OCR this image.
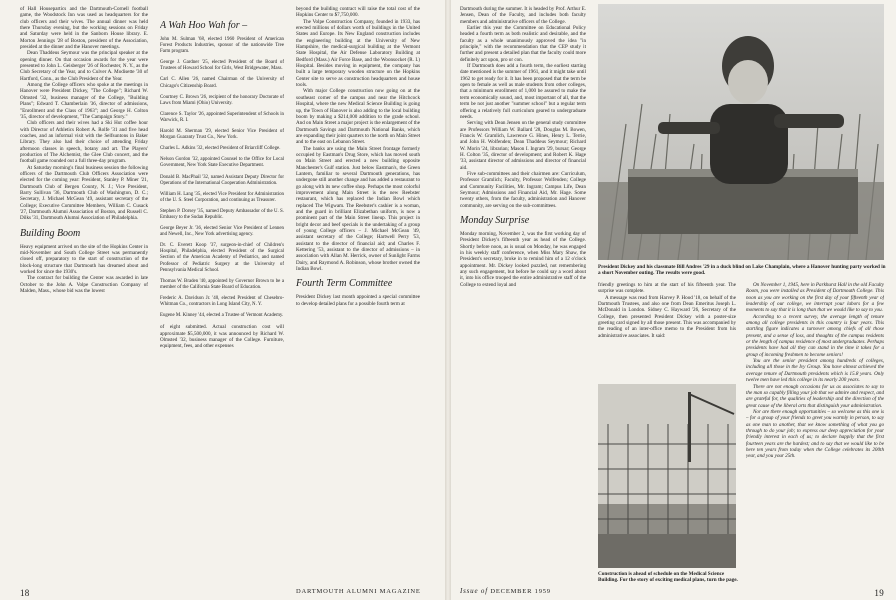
of Hall Housepartics and the Dartmouth-Cornell football game, the Woodstock Inn was used as headquarters for the club officers and their wives. The annual dinner was held there Thursday evening, but the working sessions on Friday and Saturday were held in the Sanborn House library. E. Morton Jennings '28 of Boston, president of the Association, presided at the dinner and the Hanover meetings.

Dean Thaddeus Seymour was the principal speaker at the opening dinner. On that occasion awards for the year were presented to John L. Geisberger '26 of Rochester, N. Y., as the Club Secretary of the Year, and to Culver A. Modisette '30 of Hartford, Conn., as the Club President of the Year.

Among the College officers who spoke at the meetings in Hanover were President Dickey, "The College"; Richard W. Olmsted '32, business manager of the College, "Building Plans"; Edward T. Chamberlain '36, director of admissions, "Enrollment and the Class of 1963"; and George H. Colton '35, director of development, "The Campaign Story."

Club officers and their wives had a Ski Hut coffee hour with Director of Athletics Robert A. Rolfe '31 and five head coaches, and an informal visit with the Selfsuntons in Baker Library. They also had their choice of attending Friday afternoon classes in speech, botany and art. The Players' production of The Alchemist, the Glee Club concert, and the football game rounded out a full three-day program.

At Saturday morning's final business session the following officers of the Dartmouth Club Officers Association were elected for the coming year: President, Stanley P. Miner '21, Dartmouth Club of Bergen County, N. J.; Vice President, Barry Sullivan '36, Dartmouth Club of Washington, D. C.; Secretary, J. Michael McGean '49, assistant secretary of the College; Executive Committee Members, William C. Cusack '27, Dartmouth Alumni Association of Boston, and Russell C. Dilks '31, Dartmouth Alumni Association of Philadelphia.

Building Boom

Heavy equipment arrived on the site of the Hopkins Center in mid-November and South College Street was permanently closed off, preparatory to the start of construction of the block-long structure that Dartmouth has dreamed about and worked for since the 1930's.

The contract for building the Center was awarded in late October to the John A. Volpe Construction Company of Malden, Mass., whose bid was the lowest

A Wah Hoo Wah for –

John M. Sulman '68, elected 1960 President of American Forest Products Industries, sponsor of the nationwide Tree Farm program.

George J. Gardner '25, elected President of the Board of Trustees of Howard School for Girls, West Bridgewater, Mass.

Carl C. Allen '26, named Chairman of the University of Chicago's Citizenship Board.

Courtney C. Brown '26, recipient of the honorary Doctorate of Laws from Miami (Ohio) University.

Clarence S. Taylor '26, appointed Superintendent of Schools in Warwick, R. I.

Harold M. Sherman '29, elected Senior Vice President of Morgan Guaranty Trust Co., New York.

Charles L. Adkins '32, elected President of Briarcliff College.

Nelson Gordon '32, appointed Counsel to the Office for Local Government, New York State Executive Department.

Donald B. MacPhail '32, named Assistant Deputy Director for Operations of the International Cooperation Administration.

William H. Lang '35, elected Vice President for Administration of the U. S. Steel Corporation, and continuing as Treasurer.

Stephen P. Dorsey '35, named Deputy Ambassador of the U. S. Embassy to the Sudan Republic.

George Beyer Jr. '36, elected Senior Vice President of Lennen and Newell, Inc., New York advertising agency.

Dr. C. Everett Koop '37, surgeon-in-chief of Children's Hospital, Philadelphia, elected President of the Surgical Section of the American Academy of Pediatrics, and named Professor of Pediatric Surgery at the University of Pennsylvania Medical School.

Thomas W. Braden '40, appointed by Governor Brown to be a member of the California State Board of Education.

Frederic A. Davidson Jr. '40, elected President of Chesebro-Whitman Co., contractors in Long Island City, N. Y.

Eugene M. Kinney '44, elected a Trustee of Vermont Academy.

of eight submitted. Actual construction cost will approximate $5,500,000, it was announced by Richard W. Olmsted '32, business manager of the College. Furniture, equipment, fees, and other expenses

beyond the building contract will raise the total cost of the Hopkins Center to $7,750,000.

The Volpe Construction Company, founded in 1933, has erected millions of dollars worth of buildings in the United States and Europe. Its New England construction includes the engineering building at the University of New Hampshire, the medical-surgical building at the Vermont State Hospital, the Air Defense Laboratory Building at Bedford (Mass.) Air Force Base, and the Woonsocket (R. I.) Hospital. Besides moving in equipment, the company has built a large temporary wooden structure on the Hopkins Center site to serve as construction headquarters and house tools.

With major College construction now going on at the southeast corner of the campus and near the Hitchcock Hospital, where the new Medical Science Building is going up, the Town of Hanover is also adding to the local building boom by making a $214,000 addition to the grade school. And on Main Street a major project is the enlargement of the Dartmouth Savings and Dartmouth National Banks, which are expanding their joint quarters to the north on Main Street and to the east on Lebanon Street.

The banks are using the Main Street frontage formerly occupied by Eastman's Drug Store, which has moved south on Main Street and erected a new building opposite Manchester's Gulf station. Just below Eastman's, the Green Lantern, familiar to several Dartmouth generations, has undergone still another change and has added a restaurant to go along with its new coffee shop. Perhaps the most colorful improvement along Main Street is the new Reebster restaurant, which has replaced the Indian Bowl which replaced The Wigwam. The Reebster's cashier is a woman, and the guard in brilliant Elizabethan uniform, is now a prominent part of the Main Street lineup. This project in bright decor and beef specials is the undertaking of a group of young College officers – J. Michael McGean '49, assistant secretary of the College; Hartwell Perry '53, assistant to the director of financial aid; and Charles F. Kettering '53, assistant to the director of admissions – in association with Allan M. Herrick, owner of Sunlight Farms Dairy, and Raymond A. Robinson, whose brother owned the Indian Bowl.

Fourth Term Committee

President Dickey last month appointed a special committee to develop detailed plans for a possible fourth term at

18	DARTMOUTH ALUMNI MAGAZINE

Dartmouth during the summer. It is headed by Prof. Arthur E. Jensen, Dean of the Faculty, and includes both faculty members and administrative officers of the College.

Earlier this year the Committee on Educational Policy headed a fourth term as both realistic and desirable, and the faculty as a whole unanimously approved the idea "in principle," with the recommendation that the CEP study it further and present a detailed plan that the faculty could more definitely act upon, pro or con.

If Dartmouth does add a fourth term, the earliest starting date mentioned is the summer of 1961, and it might take until 1962 to get ready for it. It has been proposed that the term be open to female as well as male students from other colleges, that a minimum enrollment of 1,000 be assured to make the term economically sound, and, most important of all, that the term be not just another "summer school" but a regular term offering a relatively full curriculum geared to undergraduate needs.

Serving with Dean Jensen on the general study committee are Professors William W. Ballard '28, Douglas M. Bowen, Francis W. Gramlich, Lawrence G. Hines, Henry L. Terrie, and John H. Wolfenden; Dean Thaddeus Seymour; Richard W. Morin '24, librarian; Mason I. Ingram '29, bursar; George H. Colton '35, director of development; and Robert K. Hage '33, assistant director of admissions and director of financial aid.

Five sub-committees and their chairmen are: Curriculum, Professor Gramlich; Faculty, Professor Wolfenden; College and Community Facilities, Mr. Ingram; Campus Life, Dean Seymour; Admissions and Financial Aid, Mr. Hage. Some twenty others, from the faculty, administration and Hanover community, are serving on the sub-committees.

Monday Surprise

Monday morning, November 2, was the first working day of President Dickey's fifteenth year as head of the College. Shortly before noon, as is usual on Monday, he was engaged in his weekly staff conference, when Miss Mary Shaw, the President's secretary, broke in to remind him of a 12 o'clock appointment. Mr. Dickey looked puzzled, not remembering any such engagement, but before he could say a word about it, into his office trooped the entire administrative staff of the College to extend loyal and

President Dickey and his classmate Bill Andres '29 in a duck blind on Lake Champlain, where a Hanover hunting party worked in a short November outing. The results were good.

friendly greetings to him at the start of his fifteenth year. The surprise was complete.

A message was read from Harvey P. Hood '18, on behalf of the Dartmouth Trustees, and also one from Dean Emeritus Joseph L. McDonald in London. Sidney C. Hayward '26, Secretary of the College, then presented President Dickey with a poster-size greeting card signed by all those present. This was accompanied by the reading of an inter-office memo to the President from his administrative associates. It said:

Construction is ahead of schedule on the Medical Science Building. For the story of exciting medical plans, turn the page.

On November 1, 1945, here in Parkhurst Hall in the old Faculty Room, you were installed as President of Dartmouth College. This noon as you are working on the first day of your fifteenth year of leadership of our college, we interrupt your labors for a few moments to say that it is long than that we would like to say to you.

According to a recent survey, the average length of tenure among all college presidents in this country is four years. This startling figure indicates a turnover among chiefs of all those present, and a sense of loss, and thoughts of the campus residents or the length of campus residence of most undergraduates. Perhaps presidents have had all they can stand in the time it takes for a group of incoming freshmen to become seniors!

You are the senior president among hundreds of colleges, including all those in the Ivy Group. You have almost achieved the average tenure of Dartmouth presidents which is 15.8 years. Only twelve men have led this college in its nearly 200 years.

There are not enough occasions for us as associates to say to the man so capably filling your job that we admire and respect, and are grateful for, the qualities of leadership and the direction of the great cause of the liberal arts that distinguish your administration.

Nor are there enough opportunities – so welcome as this one is – for a group of your friends to greet you warmly in person, to say as one man to another, that we know something of what you go through to do your job; to express our deep appreciation for your friendly interest in each of us; to declare happily that the first fourteen years are the hardest; and to say that we would like to be here ten years from today when the College celebrates its 200th year, and you your 25th.

Issue of DECEMBER 1959	19
